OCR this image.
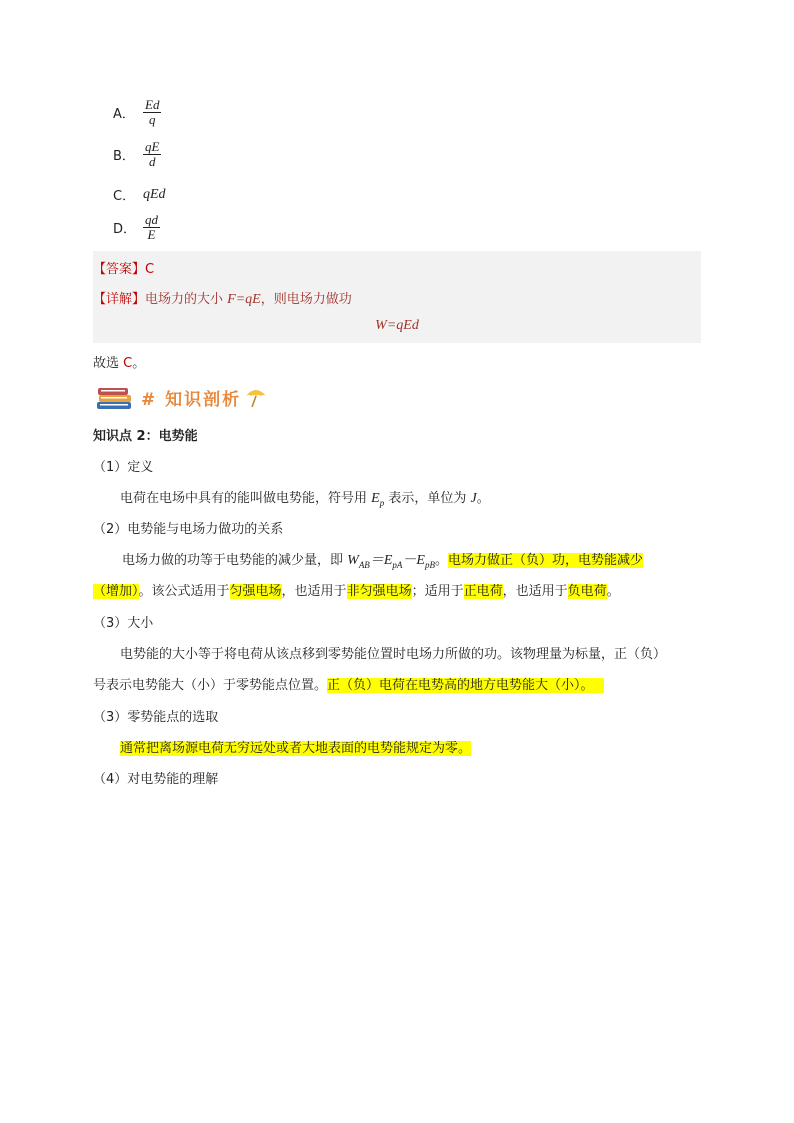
A． $\frac{Ed}{q}$
B． $\frac{qE}{d}$
C． qEd
D． $\frac{qd}{E}$
【答案】C
【详解】电场力的大小 F=qE，则电场力做功
W=qEd
故选 C。
# 知识剖析
知识点 2：电势能
（1）定义
电荷在电场中具有的能叫做电势能，符号用 $E_p$ 表示，单位为 J。
（2）电势能与电场力做功的关系
电场力做的功等于电势能的减少量，即 $W_{AB}=E_{pA}-E_{pB}$。电场力做正（负）功，电势能减少
（增加）。该公式适用于匀强电场，也适用于非匀强电场；适用于正电荷，也适用于负电荷。
（3）大小
电势能的大小等于将电荷从该点移到零势能位置时电场力所做的功。该物理量为标量，正（负）
号表示电势能大（小）于零势能点位置。正（负）电荷在电势高的地方电势能大（小）。
（3）零势能点的选取
通常把离场源电荷无穷远处或者大地表面的电势能规定为零。
（4）对电势能的理解
